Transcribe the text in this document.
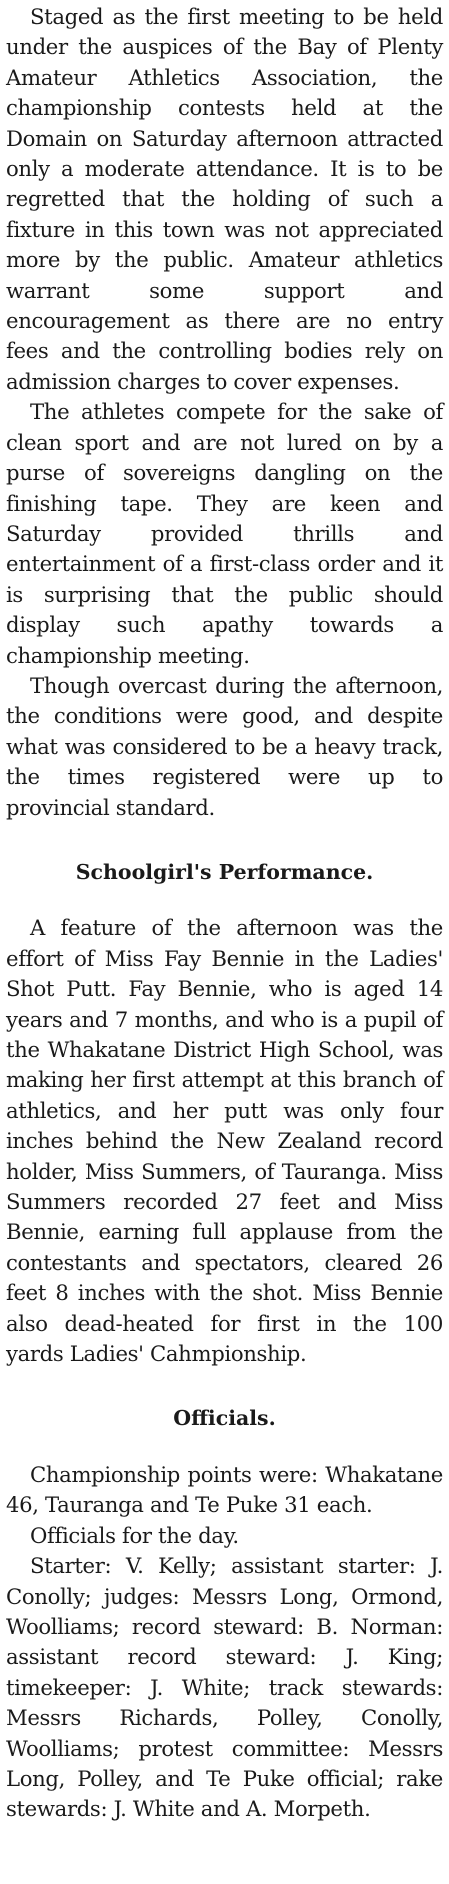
Staged as the first meeting to be held under the auspices of the Bay of Plenty Amateur Athletics Association, the championship contests held at the Domain on Saturday afternoon attracted only a moderate attendance. It is to be regretted that the holding of such a fixture in this town was not appreciated more by the public. Amateur athletics warrant some support and encouragement as there are no entry fees and the controlling bodies rely on admission charges to cover expenses.

The athletes compete for the sake of clean sport and are not lured on by a purse of sovereigns dangling on the finishing tape. They are keen and Saturday provided thrills and entertainment of a first-class order and it is surprising that the public should display such apathy towards a championship meeting.

Though overcast during the afternoon, the conditions were good, and despite what was considered to be a heavy track, the times registered were up to provincial standard.

Schoolgirl's Performance.

A feature of the afternoon was the effort of Miss Fay Bennie in the Ladies' Shot Putt. Fay Bennie, who is aged 14 years and 7 months, and who is a pupil of the Whakatane District High School, was making her first attempt at this branch of athletics, and her putt was only four inches behind the New Zealand record holder, Miss Summers, of Tauranga. Miss Summers recorded 27 feet and Miss Bennie, earning full applause from the contestants and spectators, cleared 26 feet 8 inches with the shot. Miss Bennie also dead-heated for first in the 100 yards Ladies' Cahmpionship.

Officials.

Championship points were: Whakatane 46, Tauranga and Te Puke 31 each.

Officials for the day.

Starter: V. Kelly; assistant starter: J. Conolly; judges: Messrs Long, Ormond, Woolliams; record steward: B. Norman: assistant record steward: J. King; timekeeper: J. White; track stewards: Messrs Richards, Polley, Conolly, Woolliams; protest committee: Messrs Long, Polley, and Te Puke official; rake stewards: J. White and A. Morpeth.
